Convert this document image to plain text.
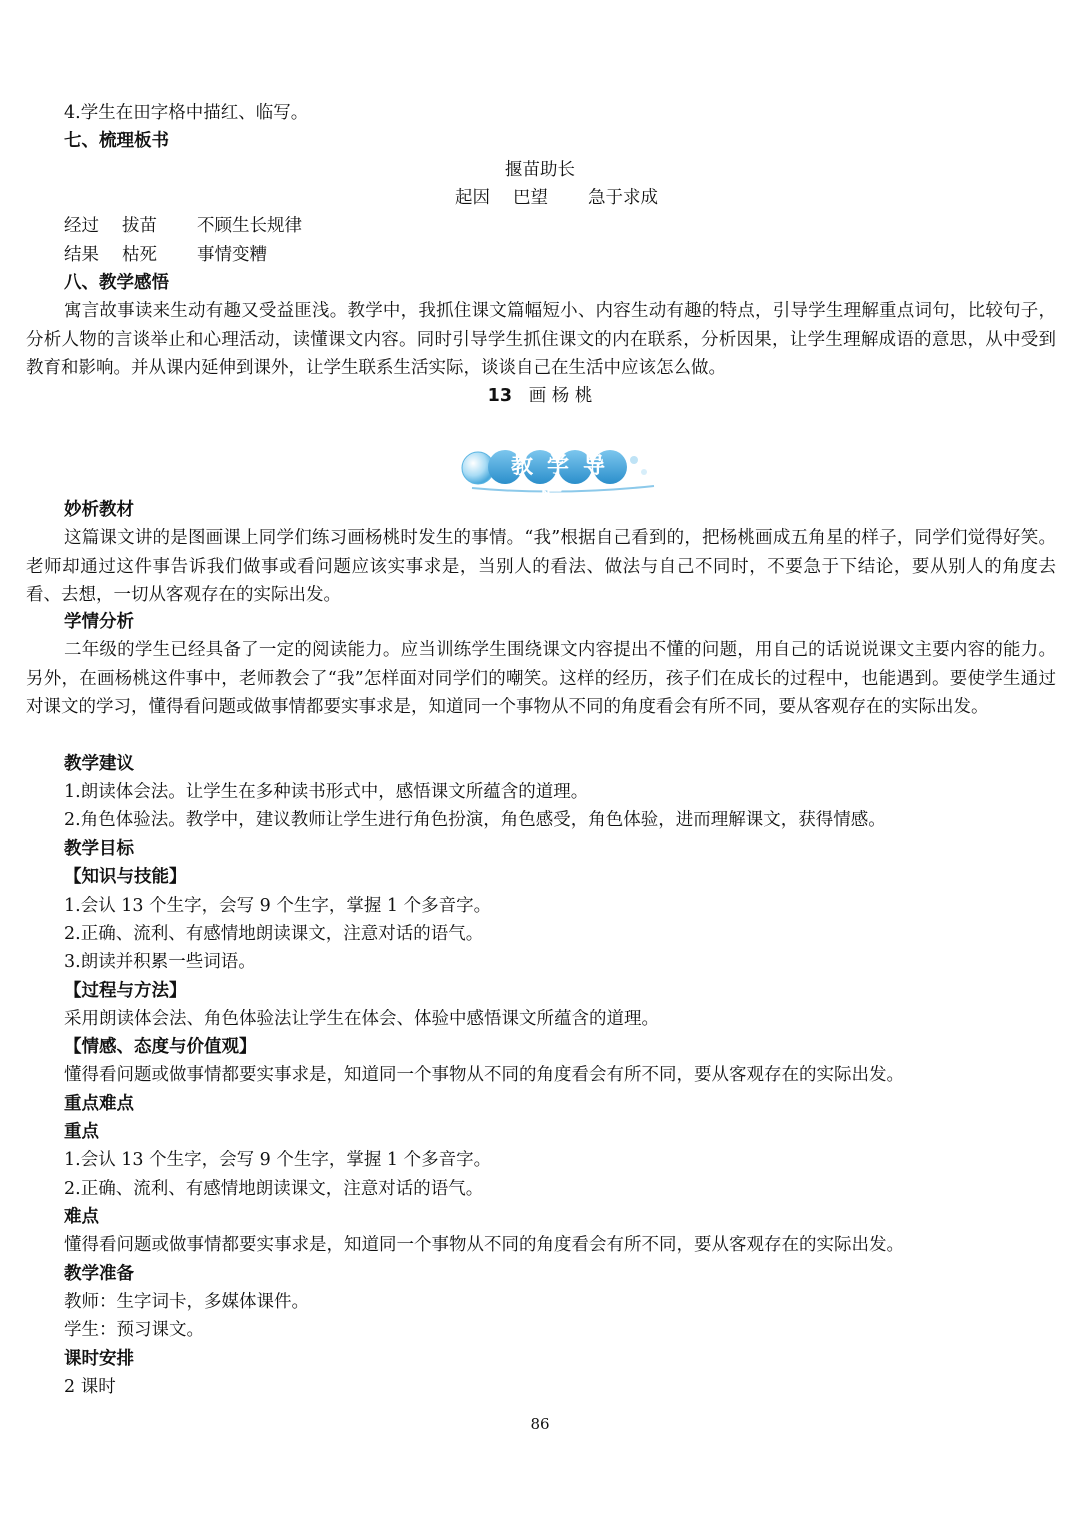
4.学生在田字格中描红、临写。
七、梳理板书
揠苗助长
起因 巴望 急于求成
经过 拔苗 不顾生长规律
结果 枯死 事情变糟
八、教学感悟
寓言故事读来生动有趣又受益匪浅。教学中，我抓住课文篇幅短小、内容生动有趣的特点，引导学生理解重点词句，比较句子，分析人物的言谈举止和心理活动，读懂课文内容。同时引导学生抓住课文的内在联系，分析因果，让学生理解成语的意思，从中受到教育和影响。并从课内延伸到课外，让学生联系生活实际，谈谈自己在生活中应该怎么做。
13 画 杨 桃
教学导航
妙析教材
这篇课文讲的是图画课上同学们练习画杨桃时发生的事情。“我”根据自己看到的，把杨桃画成五角星的样子，同学们觉得好笑。老师却通过这件事告诉我们做事或看问题应该实事求是，当别人的看法、做法与自己不同时，不要急于下结论，要从别人的角度去看、去想，一切从客观存在的实际出发。
学情分析
二年级的学生已经具备了一定的阅读能力。应当训练学生围绕课文内容提出不懂的问题，用自己的话说说课文主要内容的能力。另外，在画杨桃这件事中，老师教会了“我”怎样面对同学们的嘲笑。这样的经历，孩子们在成长的过程中，也能遇到。要使学生通过对课文的学习，懂得看问题或做事情都要实事求是，知道同一个事物从不同的角度看会有所不同，要从客观存在的实际出发。
教学建议
1.朗读体会法。让学生在多种读书形式中，感悟课文所蕴含的道理。
2.角色体验法。教学中，建议教师让学生进行角色扮演，角色感受，角色体验，进而理解课文，获得情感。
教学目标
【知识与技能】
1.会认 13 个生字，会写 9 个生字，掌握 1 个多音字。
2.正确、流利、有感情地朗读课文，注意对话的语气。
3.朗读并积累一些词语。
【过程与方法】
采用朗读体会法、角色体验法让学生在体会、体验中感悟课文所蕴含的道理。
【情感、态度与价值观】
懂得看问题或做事情都要实事求是，知道同一个事物从不同的角度看会有所不同，要从客观存在的实际出发。
重点难点
重点
1.会认 13 个生字，会写 9 个生字，掌握 1 个多音字。
2.正确、流利、有感情地朗读课文，注意对话的语气。
难点
懂得看问题或做事情都要实事求是，知道同一个事物从不同的角度看会有所不同，要从客观存在的实际出发。
教学准备
教师：生字词卡，多媒体课件。
学生：预习课文。
课时安排
2 课时
86
